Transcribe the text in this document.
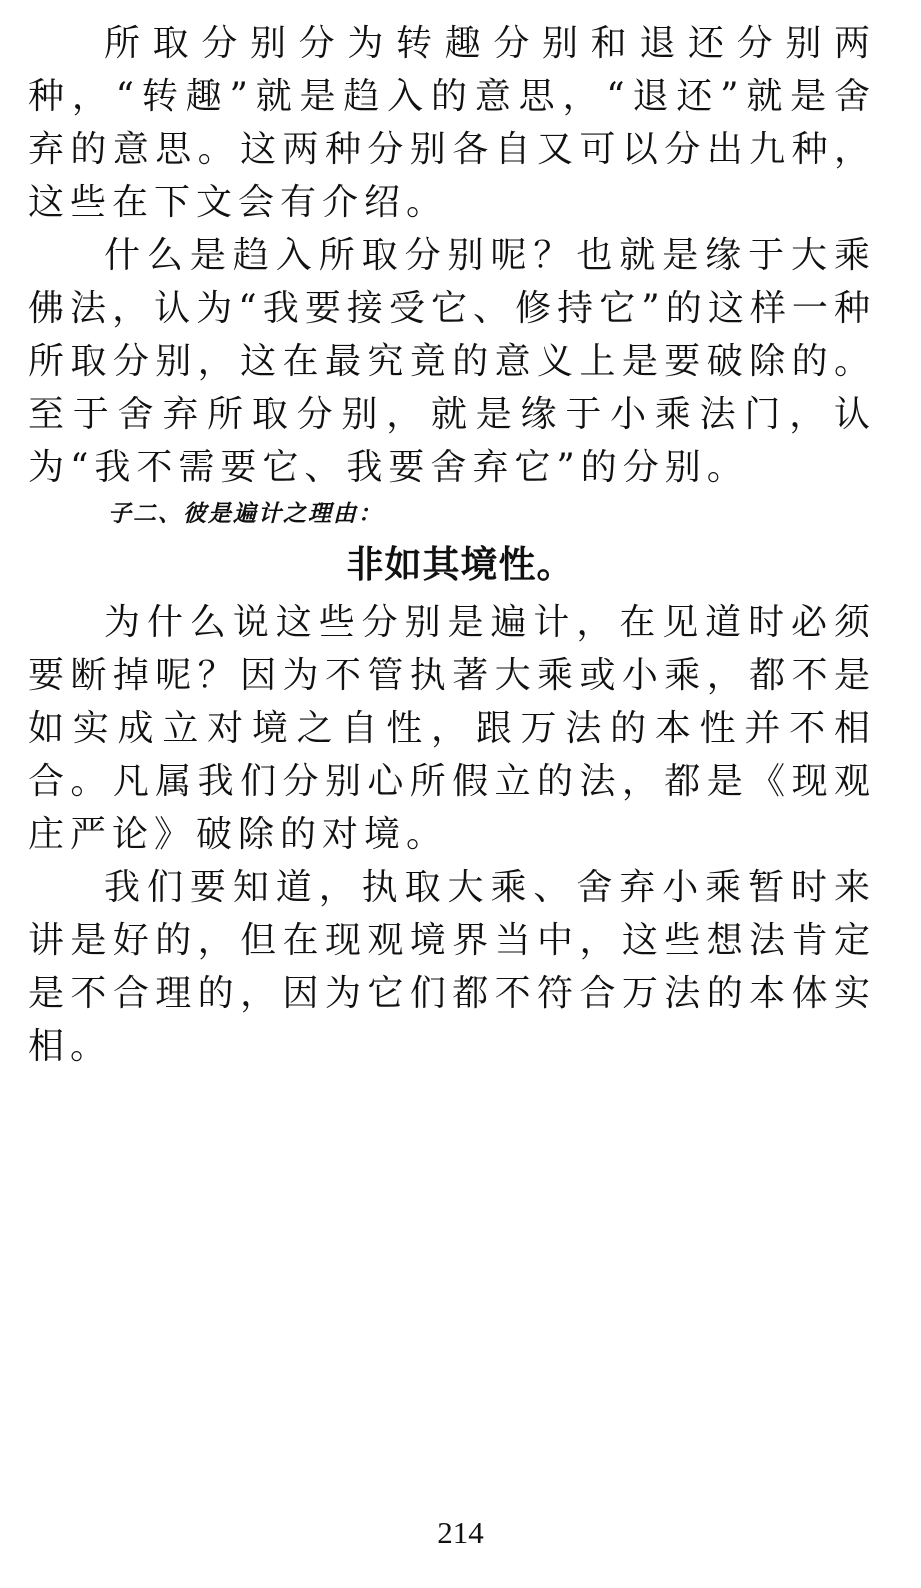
所取分别分为转趣分别和退还分别两种，“转趣”就是趋入的意思，“退还”就是舍弃的意思。这两种分别各自又可以分出九种，这些在下文会有介绍。

什么是趋入所取分别呢？也就是缘于大乘佛法，认为“我要接受它、修持它”的这样一种所取分别，这在最究竟的意义上是要破除的。至于舍弃所取分别，就是缘于小乘法门，认为“我不需要它、我要舍弃它”的分别。

子二、彼是遍计之理由：
非如其境性。

为什么说这些分别是遍计，在见道时必须要断掉呢？因为不管执著大乘或小乘，都不是如实成立对境之自性，跟万法的本性并不相合。凡属我们分别心所假立的法，都是《现观庄严论》破除的对境。

我们要知道，执取大乘、舍弃小乘暂时来讲是好的，但在现观境界当中，这些想法肯定是不合理的，因为它们都不符合万法的本体实相。

214
